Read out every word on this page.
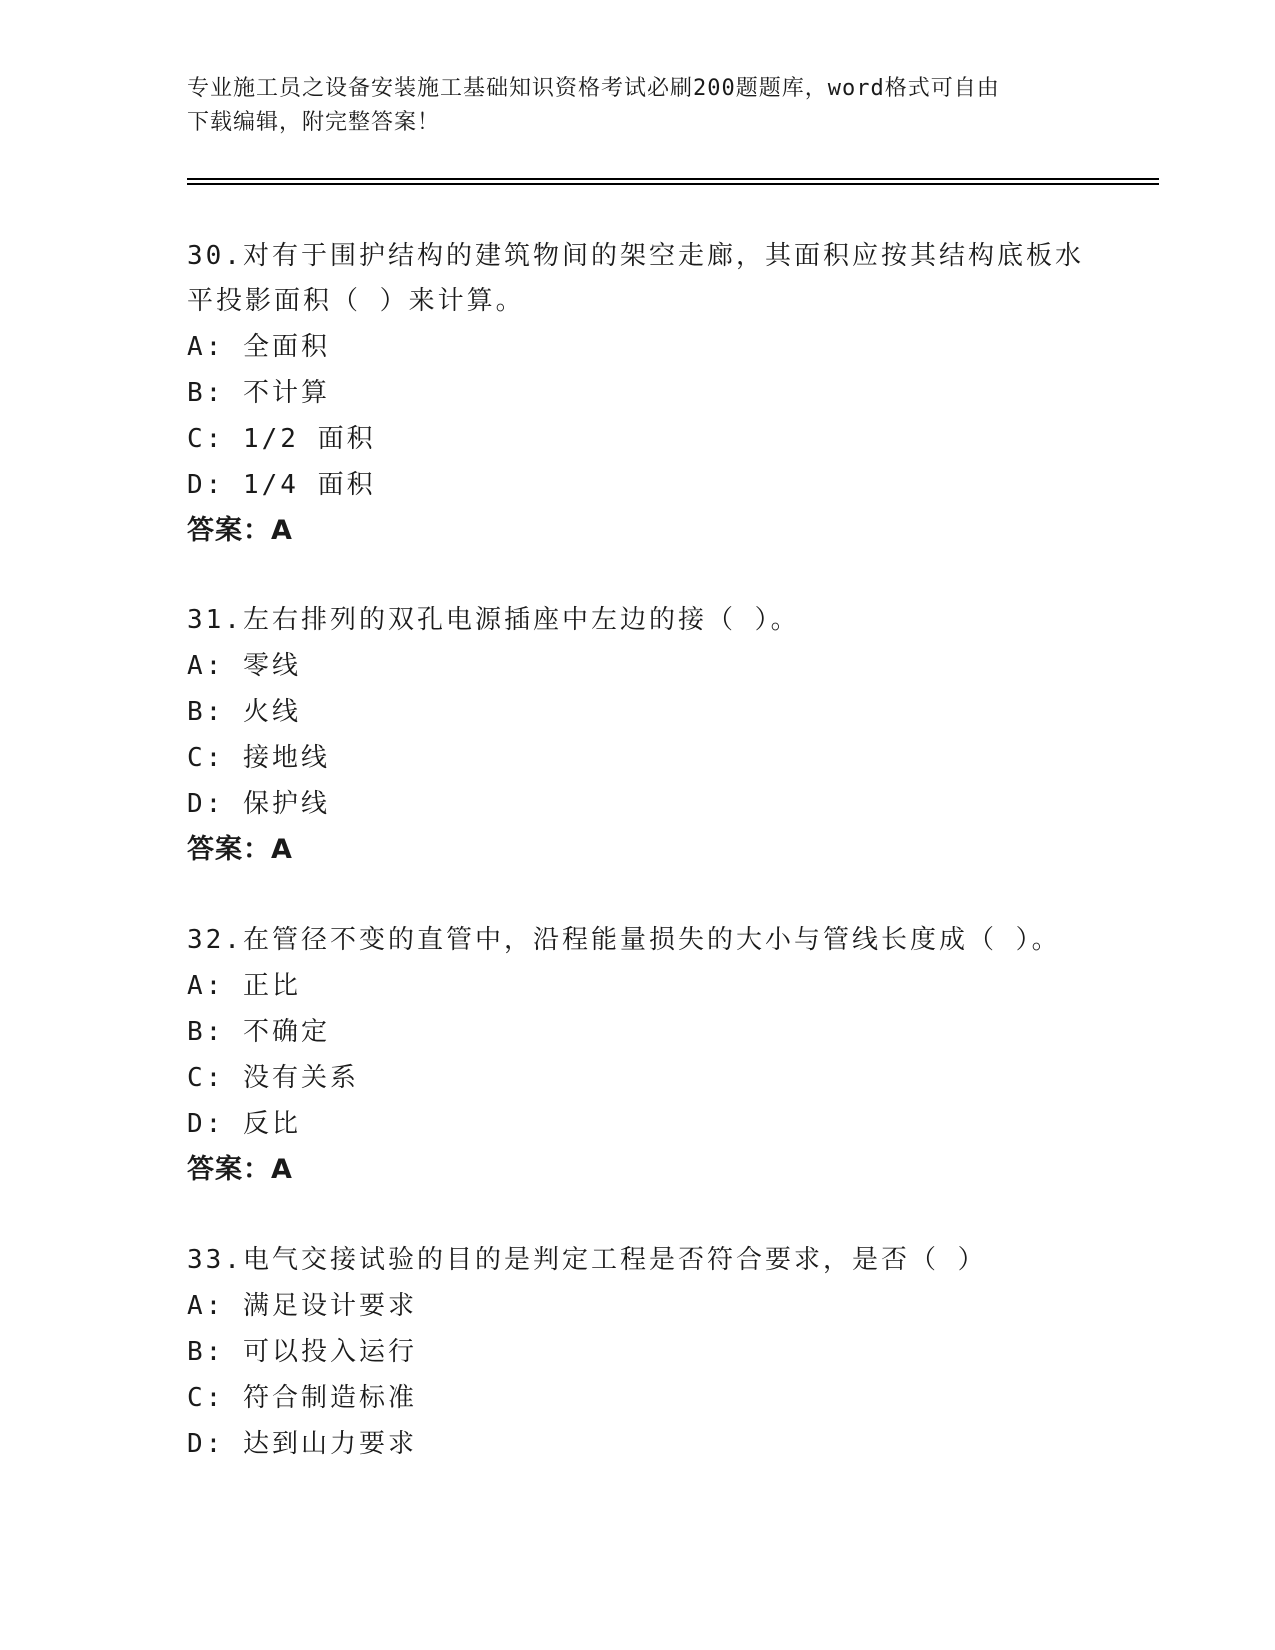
专业施工员之设备安装施工基础知识资格考试必刷200题题库，word格式可自由
下载编辑，附完整答案！
30.对有于围护结构的建筑物间的架空走廊，其面积应按其结构底板水
平投影面积（ ）来计算。
A: 全面积
B: 不计算
C: 1/2 面积
D: 1/4 面积
答案：A
31.左右排列的双孔电源插座中左边的接（ ）。
A: 零线
B: 火线
C: 接地线
D: 保护线
答案：A
32.在管径不变的直管中，沿程能量损失的大小与管线长度成（ ）。
A: 正比
B: 不确定
C: 没有关系
D: 反比
答案：A
33.电气交接试验的目的是判定工程是否符合要求，是否（ ）
A: 满足设计要求
B: 可以投入运行
C: 符合制造标准
D: 达到山力要求
